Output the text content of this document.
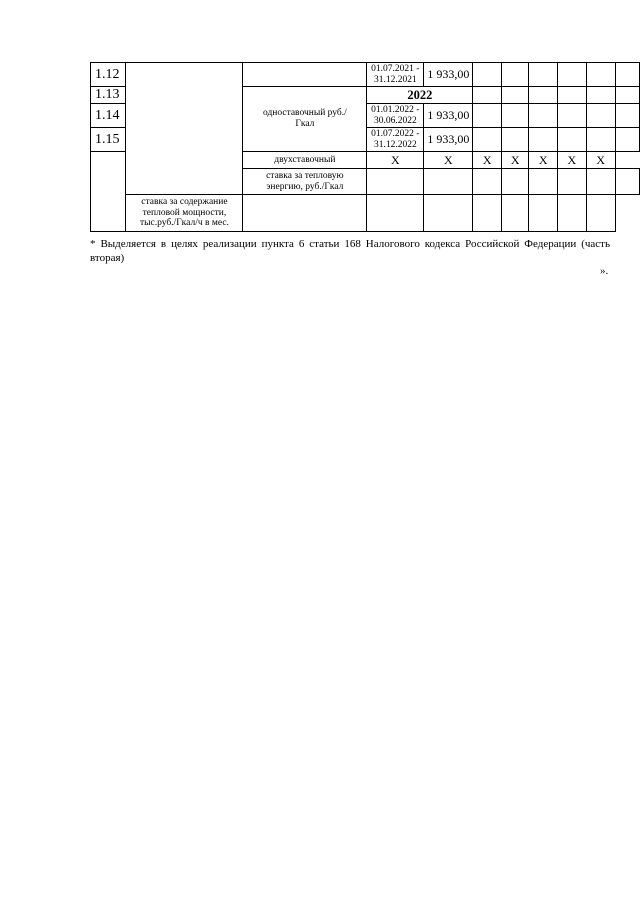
1.12			01.07.2021 - 31.12.2021	1 933,00						
1.13		одноставочный руб./Гкал	2022							
1.14			01.01.2022 - 30.06.2022	1 933,00						
1.15			01.07.2022 - 31.12.2022	1 933,00						
		двухставочный	X	X	X	X	X	X	X	
		ставка за тепловую энергию, руб./Гкал								
	ставка за содержание тепловой мощности, тыс.руб./Гкал/ч в мес.									
* Выделяется в целях реализации пункта 6 статьи 168 Налогового кодекса Российской Федерации (часть вторая)
».
